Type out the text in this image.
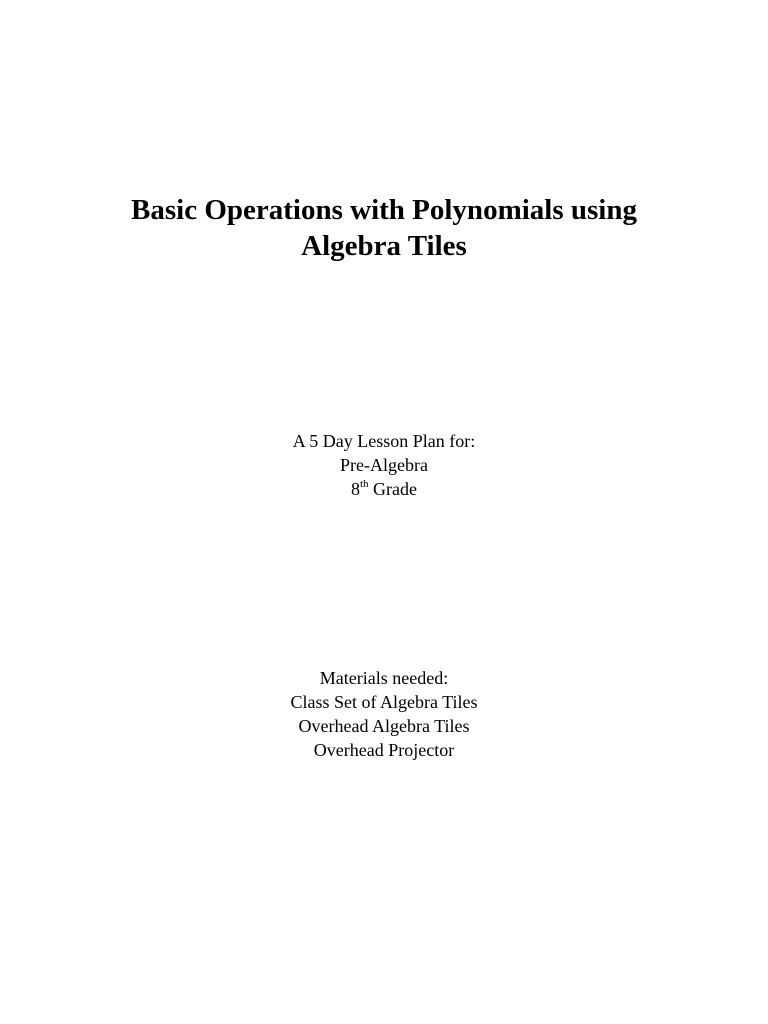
Basic Operations with Polynomials using
Algebra Tiles
A 5 Day Lesson Plan for:
Pre-Algebra
8th Grade
Materials needed:
Class Set of Algebra Tiles
Overhead Algebra Tiles
Overhead Projector
